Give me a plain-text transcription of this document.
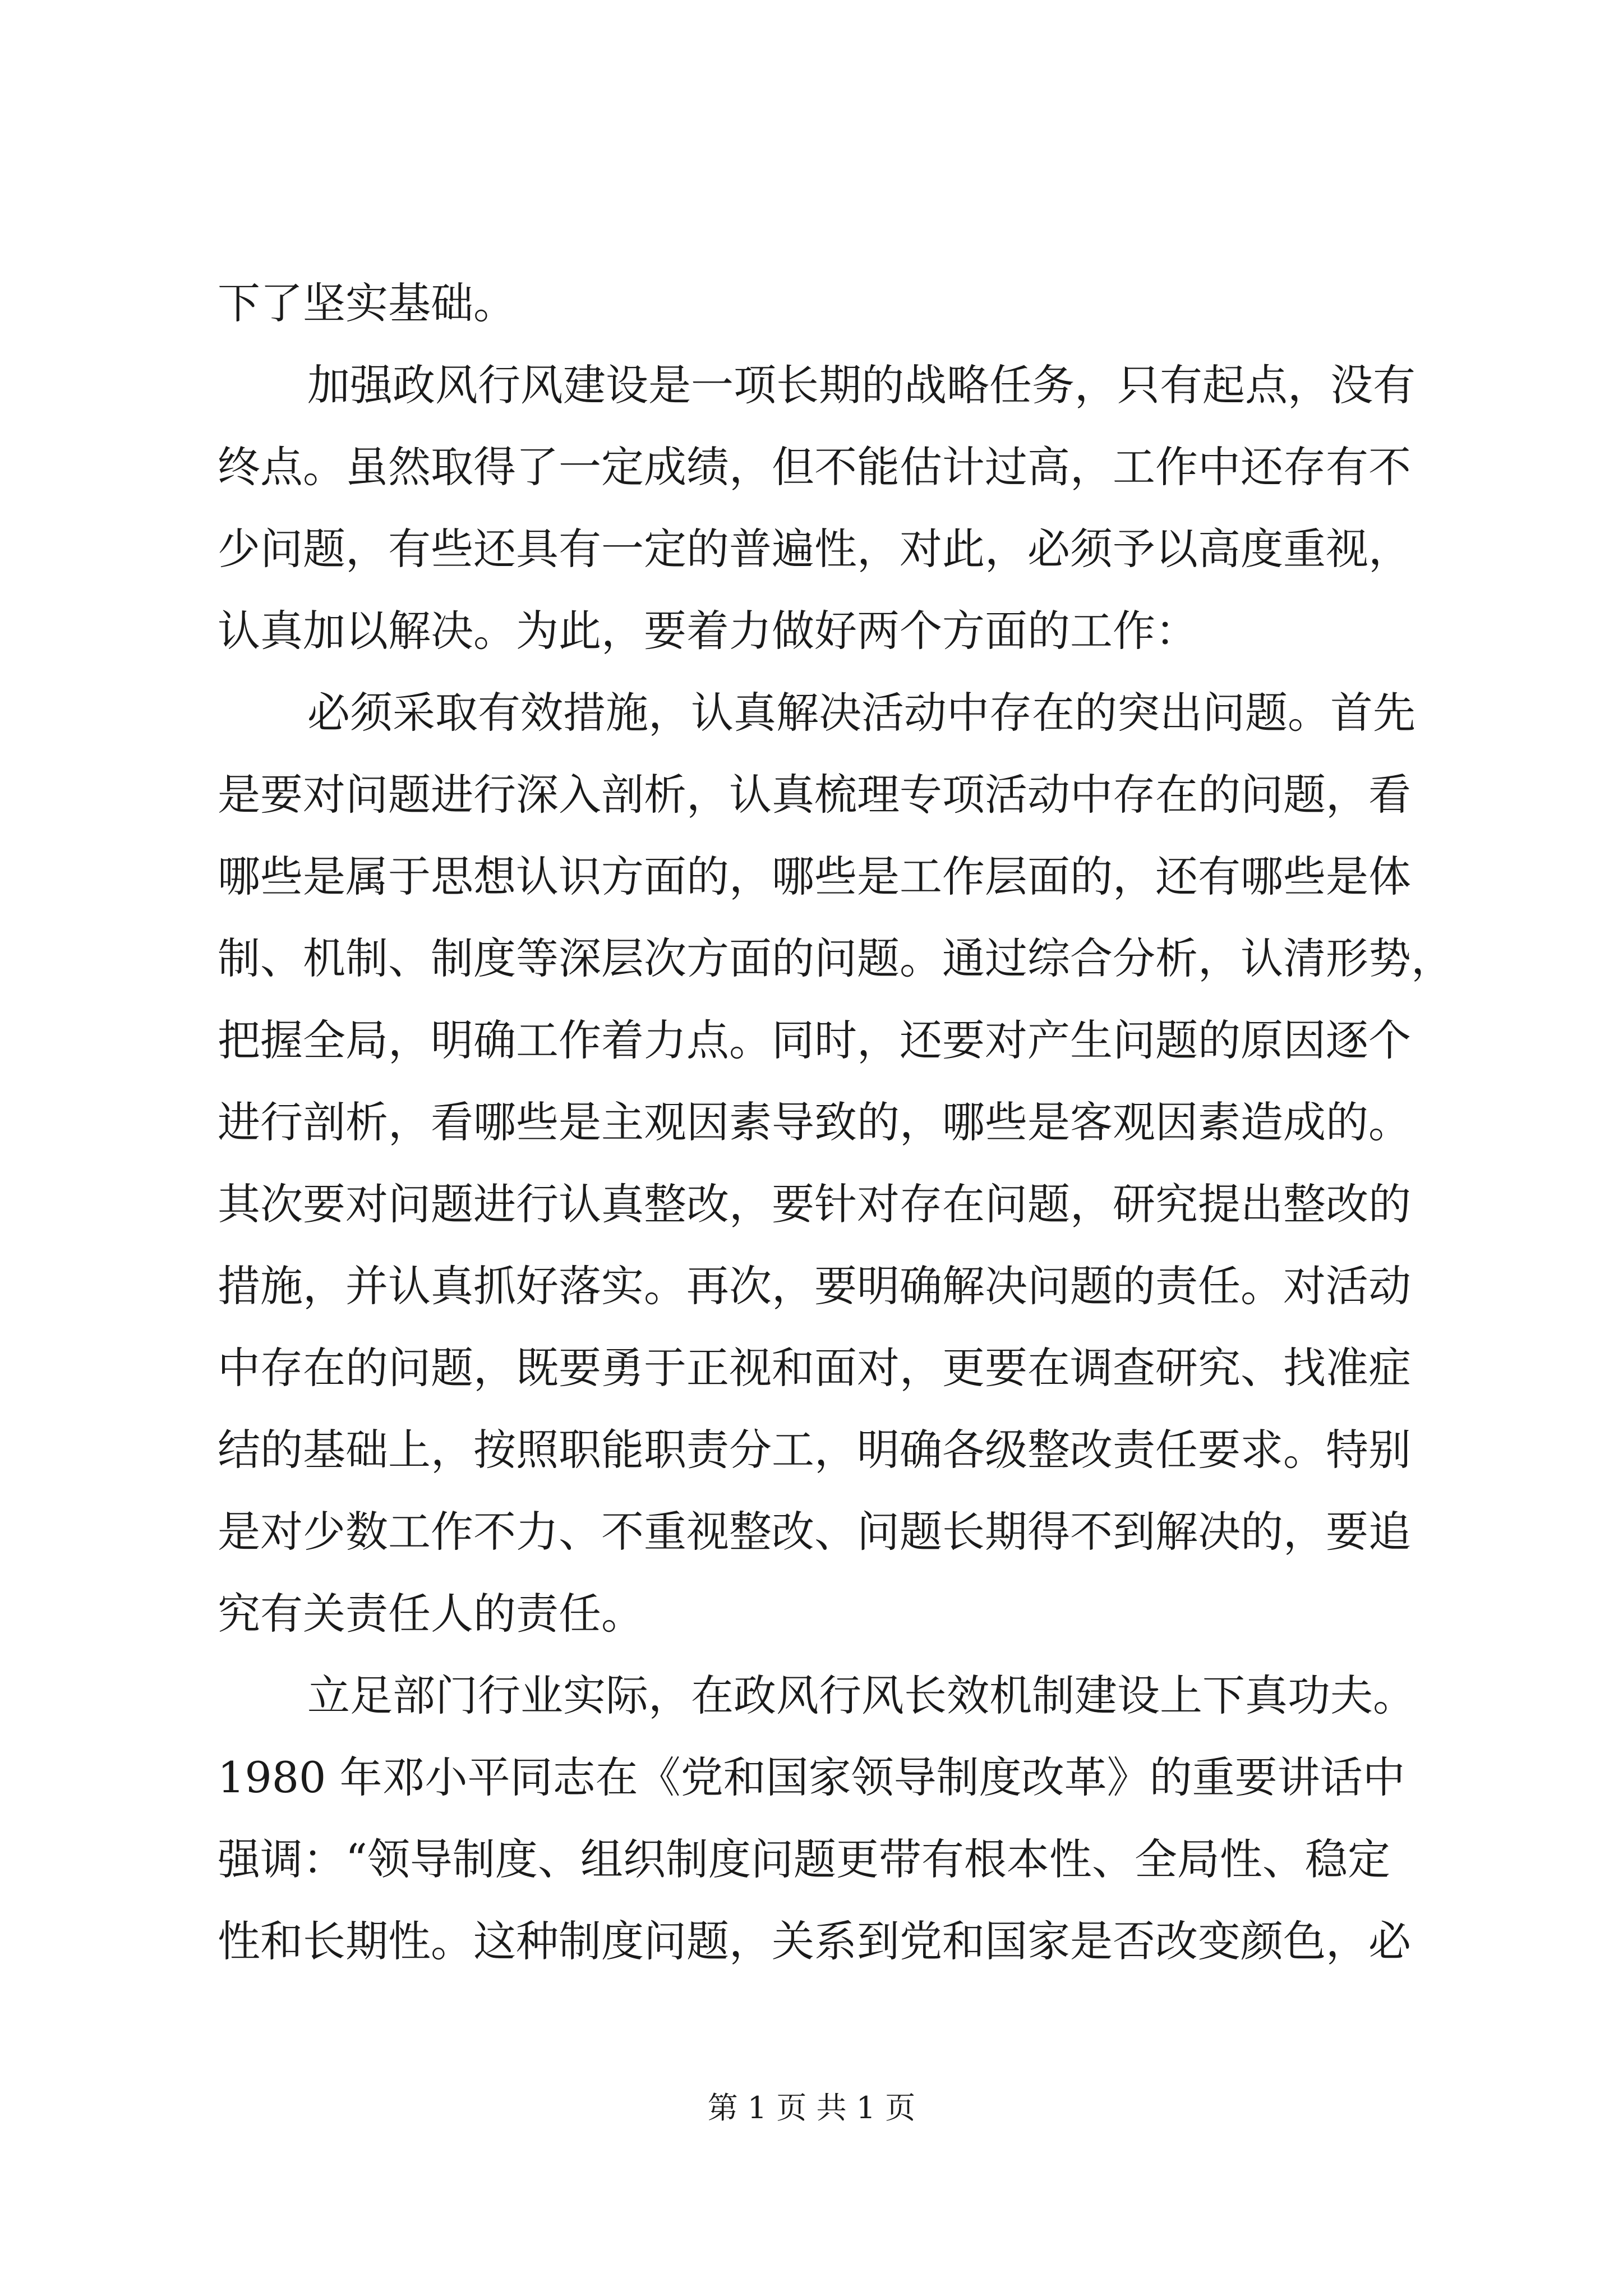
下了坚实基础。
加强政风行风建设是一项长期的战略任务，只有起点，没有
终点。虽然取得了一定成绩，但不能估计过高，工作中还存有不
少问题，有些还具有一定的普遍性，对此，必须予以高度重视，
认真加以解决。为此，要着力做好两个方面的工作：
必须采取有效措施，认真解决活动中存在的突出问题。首先
是要对问题进行深入剖析，认真梳理专项活动中存在的问题，看
哪些是属于思想认识方面的，哪些是工作层面的，还有哪些是体
制、机制、制度等深层次方面的问题。通过综合分析，认清形势，
把握全局，明确工作着力点。同时，还要对产生问题的原因逐个
进行剖析，看哪些是主观因素导致的，哪些是客观因素造成的。
其次要对问题进行认真整改，要针对存在问题，研究提出整改的
措施，并认真抓好落实。再次，要明确解决问题的责任。对活动
中存在的问题，既要勇于正视和面对，更要在调查研究、找准症
结的基础上，按照职能职责分工，明确各级整改责任要求。特别
是对少数工作不力、不重视整改、问题长期得不到解决的，要追
究有关责任人的责任。
立足部门行业实际，在政风行风长效机制建设上下真功夫。
1980 年邓小平同志在《党和国家领导制度改革》的重要讲话中
强调：“领导制度、组织制度问题更带有根本性、全局性、稳定
性和长期性。这种制度问题，关系到党和国家是否改变颜色，必
第 1 页 共 1 页
